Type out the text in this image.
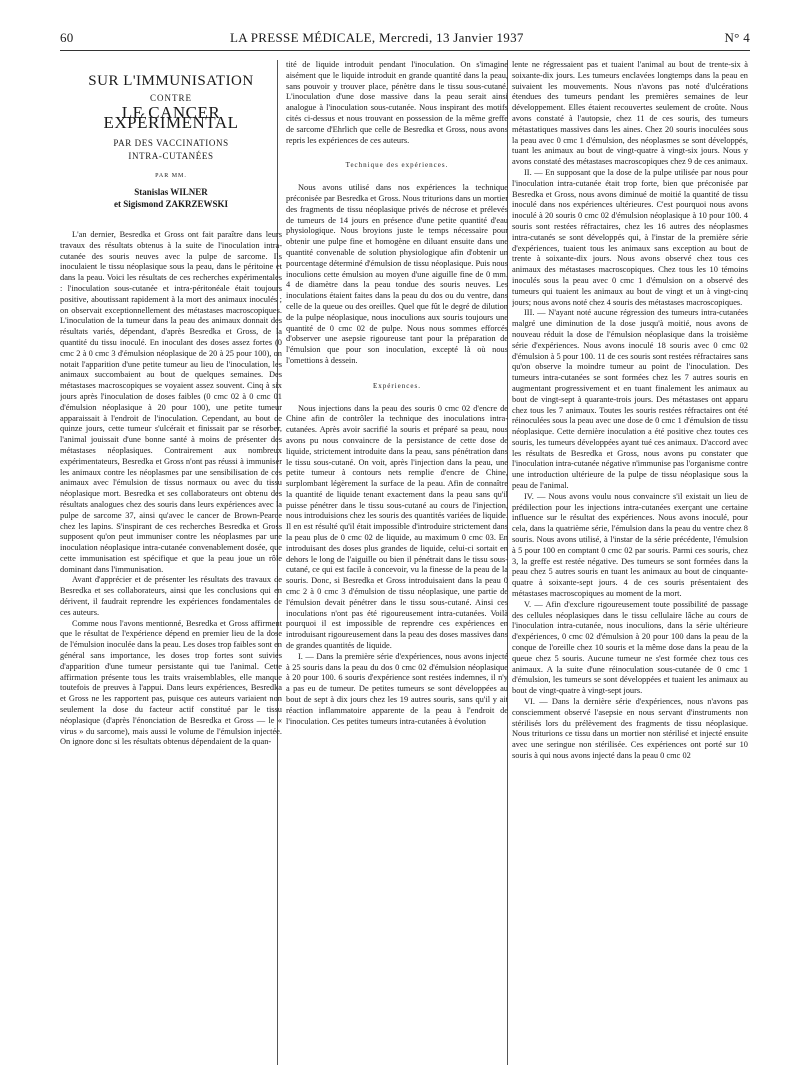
60	LA PRESSE MÉDICALE, Mercredi, 13 Janvier 1937	N° 4
SUR L'IMMUNISATION
CONTRE
LE CANCER EXPÉRIMENTAL
PAR DES VACCINATIONS
INTRA-CUTANÉES
PAR MM.
Stanislas WILNER
et Sigismond ZAKRZEWSKI

L'an dernier, Besredka et Gross ont fait paraître dans leurs travaux des résultats obtenus à la suite de l'inoculation intra-cutanée des souris neuves avec la pulpe de sarcome. Ils inoculaient le tissu néoplasique sous la peau, dans le péritoine et dans la peau. Voici les résultats de ces recherches expérimentales : l'inoculation sous-cutanée et intra-péritonéale était toujours positive, aboutissant rapidement à la mort des animaux inoculés ; on observait exceptionnellement des métastases macroscopiques. L'inoculation de la tumeur dans la peau des animaux donnait des résultats variés, dépendant, d'après Besredka et Gross, de la quantité du tissu inoculé. En inoculant des doses assez fortes (0 cmc 2 à 0 cmc 3 d'émulsion néoplasique de 20 à 25 pour 100), on notait l'apparition d'une petite tumeur au lieu de l'inoculation, les animaux succombaient au bout de quelques semaines. Des métastases macroscopiques se voyaient assez souvent. Cinq à six jours après l'inoculation de doses faibles (0 cmc 02 à 0 cmc 01 d'émulsion néoplasique à 20 pour 100), une petite tumeur apparaissait à l'endroit de l'inoculation. Cependant, au bout de quinze jours, cette tumeur s'ulcérait et finissait par se résorber, l'animal jouissait d'une bonne santé à moins de présenter des métastases néoplasiques. Contrairement aux nombreux expérimentateurs, Besredka et Gross n'ont pas réussi à immuniser les animaux contre les néoplasmes par une sensibilisation de ces animaux avec l'émulsion de tissus normaux ou avec du tissu néoplasique mort. Besredka et ses collaborateurs ont obtenu des résultats analogues chez des souris dans leurs expériences avec la pulpe de sarcome 37, ainsi qu'avec le cancer de Brown-Pearce chez les lapins. S'inspirant de ces recherches Besredka et Gross supposent qu'on peut immuniser contre les néoplasmes par une inoculation néoplasique intra-cutanée convenablement dosée, que cette immunisation est spécifique et que la peau joue un rôle dominant dans l'immunisation.

Avant d'apprécier et de présenter les résultats des travaux de Besredka et ses collaborateurs, ainsi que les conclusions qui en dérivent, il faudrait reprendre les expériences fondamentales de ces auteurs.

Comme nous l'avons mentionné, Besredka et Gross affirment que le résultat de l'expérience dépend en premier lieu de la dose de l'émulsion inoculée dans la peau. Les doses trop faibles sont en général sans importance, les doses trop fortes sont suivies d'apparition d'une tumeur persistante qui tue l'animal. Cette affirmation présente tous les traits vraisemblables, elle manque toutefois de preuves à l'appui. Dans leurs expériences, Besredka et Gross ne les rapportent pas, puisque ces auteurs variaient non seulement la dose du facteur actif constitué par le tissu néoplasique (d'après l'énonciation de Besredka et Gross — le « virus » du sarcome), mais aussi le volume de l'émulsion injectée. On ignore donc si les résultats obtenus dépendaient de la quan-

tité de liquide introduit pendant l'inoculation. On s'imagine aisément que le liquide introduit en grande quantité dans la peau, sans pouvoir y trouver place, pénètre dans le tissu sous-cutané. L'inoculation d'une dose massive dans la peau serait ainsi analogue à l'inoculation sous-cutanée. Nous inspirant des motifs cités ci-dessus et nous trouvant en possession de la même greffe de sarcome d'Ehrlich que celle de Besredka et Gross, nous avons repris les expériences de ces auteurs.

Technique des expériences.

Nous avons utilisé dans nos expériences la technique préconisée par Besredka et Gross. Nous triturions dans un mortier des fragments de tissu néoplasique privés de nécrose et prélevés de tumeurs de 14 jours en présence d'une petite quantité d'eau physiologique. Nous broyions juste le temps nécessaire pour obtenir une pulpe fine et homogène en diluant ensuite dans une quantité convenable de solution physiologique afin d'obtenir un pourcentage déterminé d'émulsion de tissu néoplasique. Puis nous inoculions cette émulsion au moyen d'une aiguille fine de 0 mm. 4 de diamètre dans la peau tondue des souris neuves. Les inoculations étaient faites dans la peau du dos ou du ventre, dans celle de la queue ou des oreilles. Quel que fût le degré de dilution de la pulpe néoplasique, nous inoculions aux souris toujours une quantité de 0 cmc 02 de pulpe. Nous nous sommes efforcés d'observer une asepsie rigoureuse tant pour la préparation de l'émulsion que pour son inoculation, excepté là où nous l'omettions à dessein.

Expériences.

Nous injections dans la peau des souris 0 cmc 02 d'encre de Chine afin de contrôler la technique des inoculations intra-cutanées. Après avoir sacrifié la souris et préparé sa peau, nous avons pu nous convaincre de la persistance de cette dose de liquide, strictement introduite dans la peau, sans pénétration dans le tissu sous-cutané. On voit, après l'injection dans la peau, une petite tumeur à contours nets remplie d'encre de Chine, surplombant légèrement la surface de la peau. Afin de connaître la quantité de liquide tenant exactement dans la peau sans qu'il puisse pénétrer dans le tissu sous-cutané au cours de l'injection, nous introduisions chez les souris des quantités variées de liquide. Il en est résulté qu'il était impossible d'introduire strictement dans la peau plus de 0 cmc 02 de liquide, au maximum 0 cmc 03. En introduisant des doses plus grandes de liquide, celui-ci sortait en dehors le long de l'aiguille ou bien il pénétrait dans le tissu sous-cutané, ce qui est facile à concevoir, vu la finesse de la peau de la souris. Donc, si Besredka et Gross introduisaient dans la peau 0 cmc 2 à 0 cmc 3 d'émulsion de tissu néoplasique, une partie de l'émulsion devait pénétrer dans le tissu sous-cutané. Ainsi ces inoculations n'ont pas été rigoureusement intra-cutanées. Voilà pourquoi il est impossible de reprendre ces expériences en introduisant rigoureusement dans la peau des doses massives dans de grandes quantités de liquide.

I. — Dans la première série d'expériences, nous avons injecté à 25 souris dans la peau du dos 0 cmc 02 d'émulsion néoplasique à 20 pour 100. 6 souris d'expérience sont restées indemnes, il n'y a pas eu de tumeur. De petites tumeurs se sont développées au bout de sept à dix jours chez les 19 autres souris, sans qu'il y ait réaction inflammatoire apparente de la peau à l'endroit de l'inoculation. Ces petites tumeurs intra-cutanées à évolution

lente ne régressaient pas et tuaient l'animal au bout de trente-six à soixante-dix jours. Les tumeurs enclavées longtemps dans la peau en suivaient les mouvements. Nous n'avons pas noté d'ulcérations étendues des tumeurs pendant les premières semaines de leur développement. Elles étaient recouvertes seulement de croûte. Nous avons constaté à l'autopsie, chez 11 de ces souris, des tumeurs métastatiques massives dans les aines. Chez 20 souris inoculées sous la peau avec 0 cmc 1 d'émulsion, des néoplasmes se sont développés, tuant les animaux au bout de vingt-quatre à vingt-six jours. Nous y avons constaté des métastases macroscopiques chez 9 de ces animaux.

II. — En supposant que la dose de la pulpe utilisée par nous pour l'inoculation intra-cutanée était trop forte, bien que préconisée par Besredka et Gross, nous avons diminué de moitié la quantité de tissu inoculé dans nos expériences ultérieures. C'est pourquoi nous avons inoculé à 20 souris 0 cmc 02 d'émulsion néoplasique à 10 pour 100. 4 souris sont restées réfractaires, chez les 16 autres des néoplasmes intra-cutanés se sont développés qui, à l'instar de la première série d'expériences, tuaient tous les animaux sans exception au bout de trente à soixante-dix jours. Nous avons observé chez tous ces animaux des métastases macroscopiques. Chez tous les 10 témoins inoculés sous la peau avec 0 cmc 1 d'émulsion on a observé des tumeurs qui tuaient les animaux au bout de vingt et un à vingt-cinq jours; nous avons noté chez 4 souris des métastases macroscopiques.

III. — N'ayant noté aucune régression des tumeurs intra-cutanées malgré une diminution de la dose jusqu'à moitié, nous avons de nouveau réduit la dose de l'émulsion néoplasique dans la troisième série d'expériences. Nous avons inoculé 18 souris avec 0 cmc 02 d'émulsion à 5 pour 100. 11 de ces souris sont restées réfractaires sans qu'on observe la moindre tumeur au point de l'inoculation. Des tumeurs intra-cutanées se sont formées chez les 7 autres souris en augmentant progressivement et en tuant finalement les animaux au bout de vingt-sept à quarante-trois jours. Des métastases ont apparu chez tous les 7 animaux. Toutes les souris restées réfractaires ont été réinoculées sous la peau avec une dose de 0 cmc 1 d'émulsion de tissu néoplasique. Cette dernière inoculation a été positive chez toutes ces souris, les tumeurs développées ayant tué ces animaux. D'accord avec les résultats de Besredka et Gross, nous avons pu constater que l'inoculation intra-cutanée négative n'immunise pas l'organisme contre une introduction ultérieure de la pulpe de tissu néoplasique sous la peau de l'animal.

IV. — Nous avons voulu nous convaincre s'il existait un lieu de prédilection pour les injections intra-cutanées exerçant une certaine influence sur le résultat des expériences. Nous avons inoculé, pour cela, dans la quatrième série, l'émulsion dans la peau du ventre chez 8 souris. Nous avons utilisé, à l'instar de la série précédente, l'émulsion à 5 pour 100 en comptant 0 cmc 02 par souris. Parmi ces souris, chez 3, la greffe est restée négative. Des tumeurs se sont formées dans la peau chez 5 autres souris en tuant les animaux au bout de cinquante-quatre à soixante-sept jours. 4 de ces souris présentaient des métastases macroscopiques au moment de la mort.

V. — Afin d'exclure rigoureusement toute possibilité de passage des cellules néoplasiques dans le tissu cellulaire lâche au cours de l'inoculation intra-cutanée, nous inoculions, dans la série ultérieure d'expériences, 0 cmc 02 d'émulsion à 20 pour 100 dans la peau de la conque de l'oreille chez 10 souris et la même dose dans la peau de la queue chez 5 souris. Aucune tumeur ne s'est formée chez tous ces animaux. A la suite d'une réinoculation sous-cutanée de 0 cmc 1 d'émulsion, les tumeurs se sont développées et tuaient les animaux au bout de vingt-quatre à vingt-sept jours.

VI. — Dans la dernière série d'expériences, nous n'avons pas consciemment observé l'asepsie en nous servant d'instruments non stérilisés lors du prélèvement des fragments de tissu néoplasique. Nous triturions ce tissu dans un mortier non stérilisé et injecté ensuite avec une seringue non stérilisée. Ces expériences ont porté sur 10 souris à qui nous avons injecté dans la peau 0 cmc 02
